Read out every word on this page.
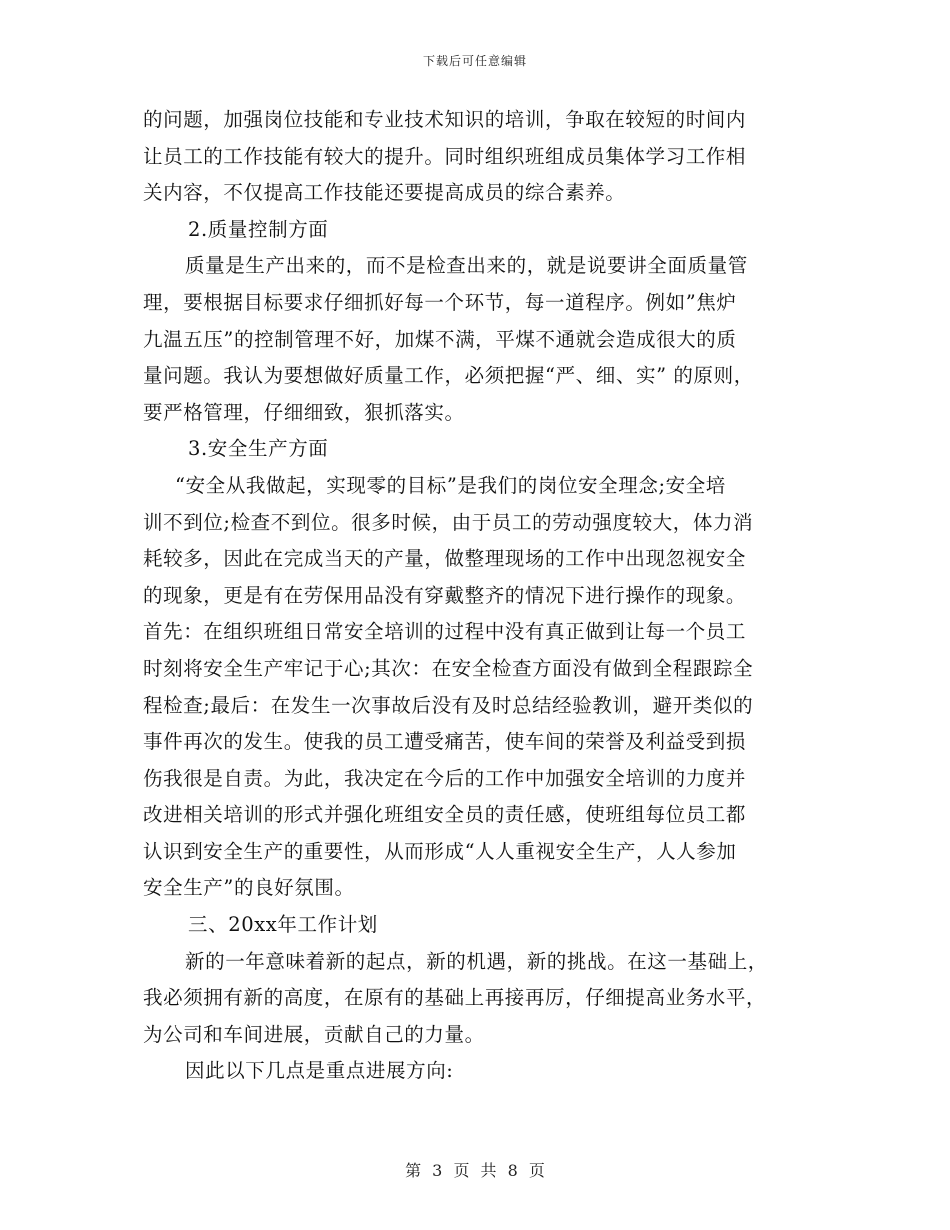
下载后可任意编辑
的问题，加强岗位技能和专业技术知识的培训，争取在较短的时间内
让员工的工作技能有较大的提升。同时组织班组成员集体学习工作相
关内容，不仅提高工作技能还要提高成员的综合素养。
2.质量控制方面
质量是生产出来的，而不是检查出来的，就是说要讲全面质量管
理，要根据目标要求仔细抓好每一个环节，每一道程序。例如”焦炉
九温五压”的控制管理不好，加煤不满，平煤不通就会造成很大的质
量问题。我认为要想做好质量工作，必须把握“严、细、实” 的原则，
要严格管理，仔细细致，狠抓落实。
3.安全生产方面
“安全从我做起，实现零的目标”是我们的岗位安全理念;安全培
训不到位;检查不到位。很多时候，由于员工的劳动强度较大，体力消
耗较多，因此在完成当天的产量，做整理现场的工作中出现忽视安全
的现象，更是有在劳保用品没有穿戴整齐的情况下进行操作的现象。
首先：在组织班组日常安全培训的过程中没有真正做到让每一个员工
时刻将安全生产牢记于心;其次：在安全检查方面没有做到全程跟踪全
程检查;最后：在发生一次事故后没有及时总结经验教训，避开类似的
事件再次的发生。使我的员工遭受痛苦，使车间的荣誉及利益受到损
伤我很是自责。为此，我决定在今后的工作中加强安全培训的力度并
改进相关培训的形式并强化班组安全员的责任感，使班组每位员工都
认识到安全生产的重要性，从而形成“人人重视安全生产，人人参加
安全生产”的良好氛围。
三、20xx年工作计划
新的一年意味着新的起点，新的机遇，新的挑战。在这一基础上，
我必须拥有新的高度，在原有的基础上再接再厉，仔细提高业务水平，
为公司和车间进展，贡献自己的力量。
因此以下几点是重点进展方向:
第 3 页 共 8 页
